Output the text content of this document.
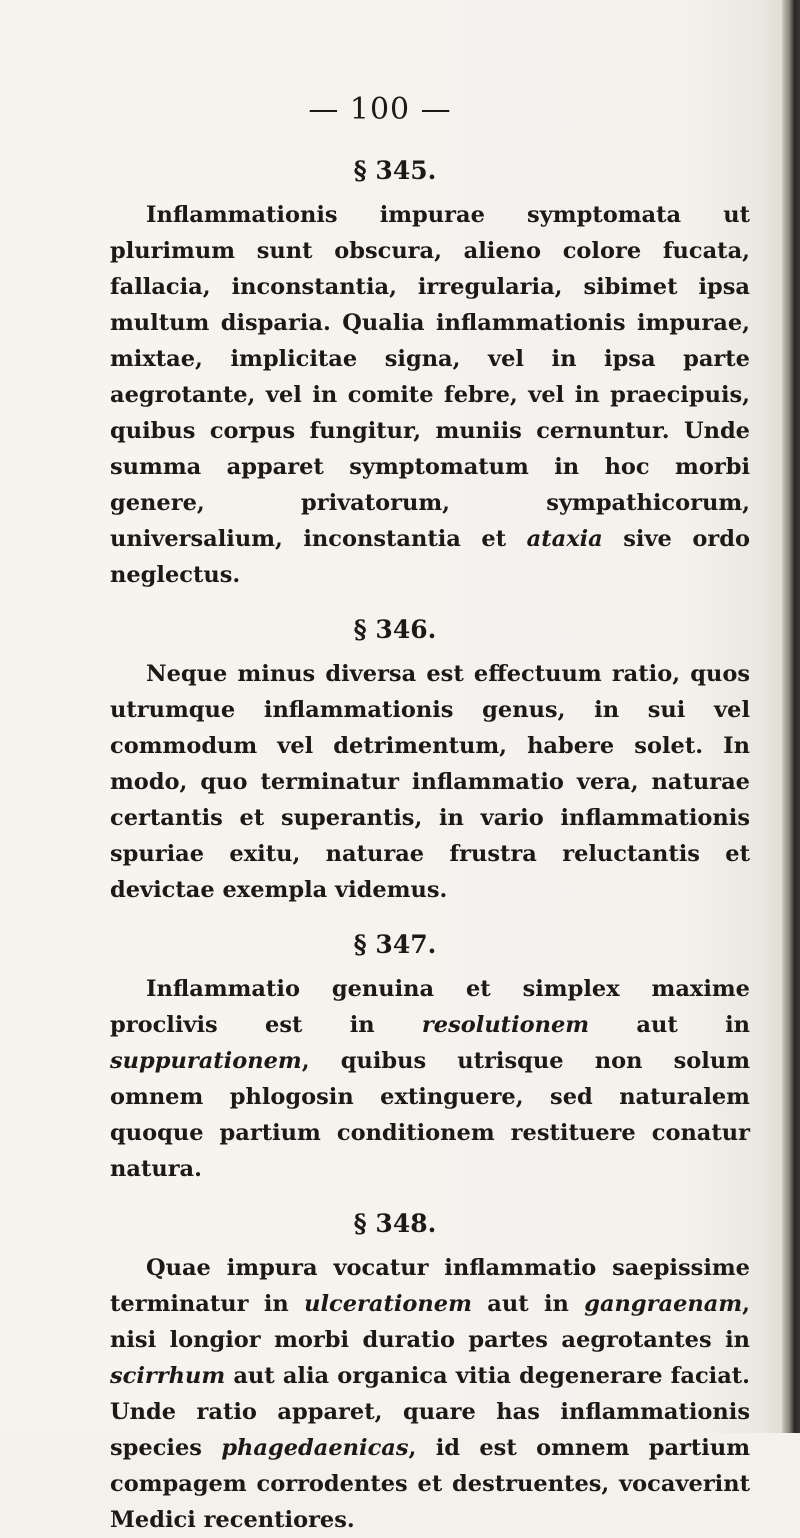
— 100 —
§ 345.

Inflammationis impurae symptomata ut plurimum sunt obscura, alieno colore fucata, fallacia, inconstantia, irregularia, sibimet ipsa multum disparia. Qualia inflammationis impurae, mixtae, implicitae signa, vel in ipsa parte aegrotante, vel in comite febre, vel in praecipuis, quibus corpus fungitur, muniis cernuntur. Unde summa apparet symptomatum in hoc morbi genere, privatorum, sympathicorum, universalium, inconstantia et ataxia sive ordo neglectus.

§ 346.

Neque minus diversa est effectuum ratio, quos utrumque inflammationis genus, in sui vel commodum vel detrimentum, habere solet. In modo, quo terminatur inflammatio vera, naturae certantis et superantis, in vario inflammationis spuriae exitu, naturae frustra reluctantis et devictae exempla videmus.

§ 347.

Inflammatio genuina et simplex maxime proclivis est in resolutionem aut in suppurationem, quibus utrisque non solum omnem phlogosin extinguere, sed naturalem quoque partium conditionem restituere conatur natura.

§ 348.

Quae impura vocatur inflammatio saepissime terminatur in ulcerationem aut in gangraenam, nisi longior morbi duratio partes aegrotantes in scirrhum aut alia organica vitia degenerare faciat. Unde ratio apparet, quare has inflammationis species phagedaenicas, id est omnem partium compagem corrodentes et destruentes, vocaverint Medici recentiores.
